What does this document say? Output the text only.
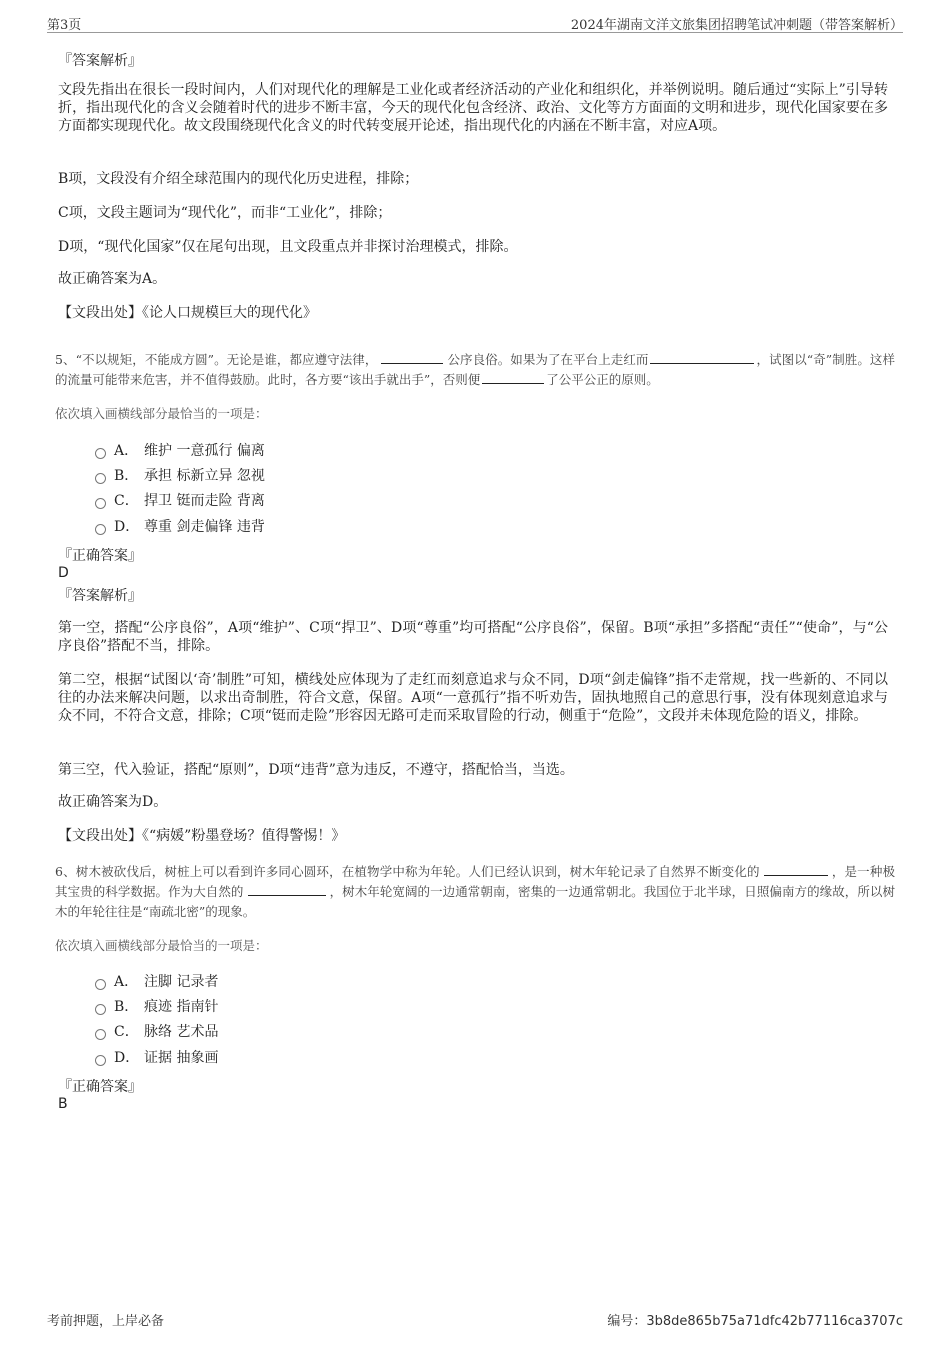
第3页	2024年湖南文洋文旅集团招聘笔试冲刺题（带答案解析）
『答案解析』

文段先指出在很长一段时间内，人们对现代化的理解是工业化或者经济活动的产业化和组织化，并举例说明。随后通过“实际上”引导转折，指出现代化的含义会随着时代的进步不断丰富，今天的现代化包含经济、政治、文化等方方面面的文明和进步，现代化国家要在多方面都实现现代化。故文段围绕现代化含义的时代转变展开论述，指出现代化的内涵在不断丰富，对应A项。

B项，文段没有介绍全球范围内的现代化历史进程，排除；

C项，文段主题词为“现代化”，而非“工业化”，排除；

D项，“现代化国家”仅在尾句出现，且文段重点并非探讨治理模式，排除。

故正确答案为A。

【文段出处】《论人口规模巨大的现代化》

5、“不以规矩，不能成方圆”。无论是谁，都应遵守法律，	公序良俗。如果为了在平台上走红而	，试图以“奇”制胜。这样的流量可能带来危害，并不值得鼓励。此时，各方要“该出手就出手”，否则便	了公平公正的原则。

依次填入画横线部分最恰当的一项是：
A． 维护 一意孤行 偏离
B． 承担 标新立异 忽视
C． 捍卫 铤而走险 背离
D． 尊重 剑走偏锋 违背
『正确答案』
D
『答案解析』

第一空，搭配“公序良俗”，A项“维护”、C项“捍卫”、D项“尊重”均可搭配“公序良俗”，保留。B项“承担”多搭配“责任”“使命”，与“公序良俗”搭配不当，排除。

第二空，根据“试图以‘奇’制胜”可知，横线处应体现为了走红而刻意追求与众不同，D项“剑走偏锋”指不走常规，找一些新的、不同以往的办法来解决问题，以求出奇制胜，符合文意，保留。A项“一意孤行”指不听劝告，固执地照自己的意思行事，没有体现刻意追求与众不同，不符合文意，排除；C项“铤而走险”形容因无路可走而采取冒险的行动，侧重于“危险”，文段并未体现危险的语义，排除。

第三空，代入验证，搭配“原则”，D项“违背”意为违反，不遵守，搭配恰当，当选。

故正确答案为D。

【文段出处】《“病媛”粉墨登场？值得警惕！》

6、树木被砍伐后，树桩上可以看到许多同心圆环，在植物学中称为年轮。人们已经认识到，树木年轮记录了自然界不断变化的	，是一种极其宝贵的科学数据。作为大自然的	，树木年轮宽阔的一边通常朝南，密集的一边通常朝北。我国位于北半球，日照偏南方的缘故，所以树木的年轮往往是“南疏北密”的现象。

依次填入画横线部分最恰当的一项是：
A． 注脚 记录者
B． 痕迹 指南针
C． 脉络 艺术品
D． 证据 抽象画
『正确答案』
B
考前押题，上岸必备	编号：3b8de865b75a71dfc42b77116ca3707c
